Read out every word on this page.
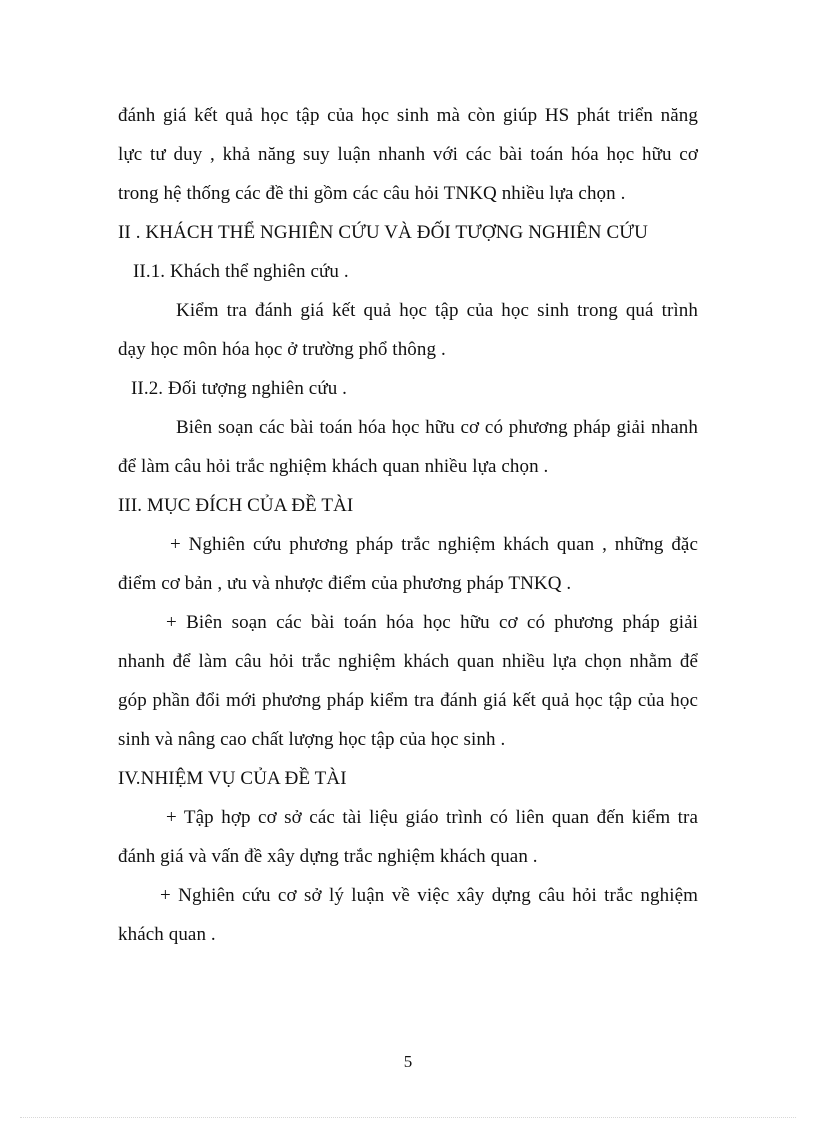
đánh giá kết quả học tập của học sinh mà còn giúp HS phát triển năng
lực tư duy , khả năng suy luận nhanh với các bài toán hóa học hữu cơ
trong hệ thống các đề thi gồm các câu hỏi TNKQ nhiều lựa chọn .
II . KHÁCH THỂ NGHIÊN CỨU VÀ ĐỐI TƯỢNG NGHIÊN CỨU
II.1. Khách thể nghiên cứu .
Kiểm tra đánh giá kết quả học tập của học sinh trong quá trình
dạy học môn hóa học ở trường phổ thông .
II.2. Đối tượng nghiên cứu .
Biên soạn các bài toán hóa học hữu cơ có phương pháp giải nhanh
để làm câu hỏi trắc nghiệm khách quan nhiều lựa chọn .
III. MỤC ĐÍCH CỦA ĐỀ TÀI
+ Nghiên cứu phương pháp trắc nghiệm khách quan , những đặc
điểm cơ bản , ưu và nhược điểm của phương pháp TNKQ .
+ Biên soạn các bài toán hóa học hữu cơ có phương pháp giải
nhanh để làm câu hỏi trắc nghiệm khách quan nhiều lựa chọn nhằm để
góp phần đổi mới phương pháp kiểm tra đánh giá kết quả học tập của học
sinh và nâng cao chất lượng học tập của học sinh .
IV.NHIỆM VỤ CỦA ĐỀ TÀI
+ Tập hợp cơ sở các tài liệu giáo trình có liên quan đến kiểm tra
đánh giá và vấn đề xây dựng trắc nghiệm khách quan .
+ Nghiên cứu cơ sở lý luận về việc xây dựng câu hỏi trắc nghiệm
khách quan .
5
